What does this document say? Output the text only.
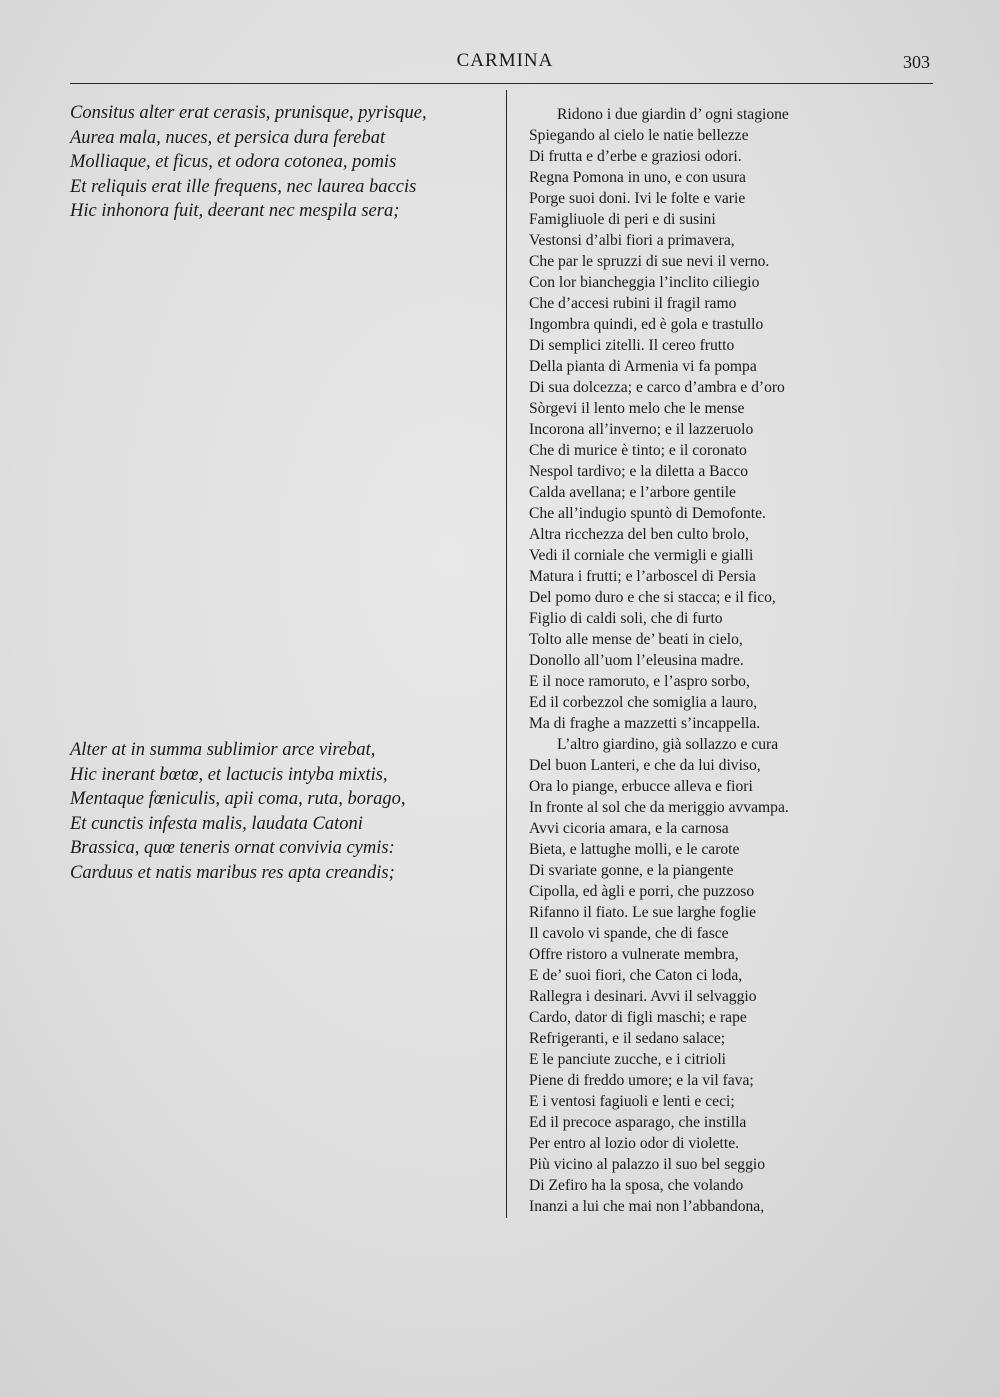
CARMINA	303
Consitus alter erat cerasis, prunisque, pyrisque,
Aurea mala, nuces, et persica dura ferebat
Molliaque, et ficus, et odora cotonea, pomis
Et reliquis erat ille frequens, nec laurea baccis
Hic inhonora fuit, deerant nec mespila sera;
Alter at in summa sublimior arce virebat,
Hic inerant bœtœ, et lactucis intyba mixtis,
Mentaque fœniculis, apii coma, ruta, borago,
Et cunctis infesta malis, laudata Catoni
Brassica, quœ teneris ornat convivia cymis:
Carduus et natis maribus res apta creandis;
Ridono i due giardin d’ ogni stagione
Spiegando al cielo le natie bellezze
Di frutta e d’erbe e graziosi odori.
Regna Pomona in uno, e con usura
Porge suoi doni. Ivi le folte e varie
Famigliuole di peri e di susini
Vestonsi d’albi fiori a primavera,
Che par le spruzzi di sue nevi il verno.
Con lor biancheggia l’inclito ciliegio
Che d’accesi rubini il fragil ramo
Ingombra quindi, ed è gola e trastullo
Di semplici zitelli. Il cereo frutto
Della pianta di Armenia vi fa pompa
Di sua dolcezza; e carco d’ambra e d’oro
Sòrgevi il lento melo che le mense
Incorona all’inverno; e il lazzeruolo
Che di murice è tinto; e il coronato
Nespol tardivo; e la diletta a Bacco
Calda avellana; e l’arbore gentile
Che all’indugio spuntò di Demofonte.
Altra ricchezza del ben culto brolo,
Vedi il corniale che vermigli e gialli
Matura i frutti; e l’arboscel di Persia
Del pomo duro e che si stacca; e il fico,
Figlio di caldi soli, che di furto
Tolto alle mense de’ beati in cielo,
Donollo all’uom l’eleusina madre.
E il noce ramoruto, e l’aspro sorbo,
Ed il corbezzol che somiglia a lauro,
Ma di fraghe a mazzetti s’incappella.
L’altro giardino, già sollazzo e cura
Del buon Lanteri, e che da lui diviso,
Ora lo piange, erbucce alleva e fiori
In fronte al sol che da meriggio avvampa.
Avvi cicoria amara, e la carnosa
Bieta, e lattughe molli, e le carote
Di svariate gonne, e la piangente
Cipolla, ed àgli e porri, che puzzoso
Rifanno il fiato. Le sue larghe foglie
Il cavolo vi spande, che di fasce
Offre ristoro a vulnerate membra,
E de’ suoi fiori, che Caton ci loda,
Rallegra i desinari. Avvi il selvaggio
Cardo, dator di figli maschi; e rape
Refrigeranti, e il sedano salace;
E le panciute zucche, e i citrioli
Piene di freddo umore; e la vil fava;
E i ventosi fagiuoli e lenti e ceci;
Ed il precoce asparago, che instilla
Per entro al lozio odor di violette.
Più vicino al palazzo il suo bel seggio
Di Zefiro ha la sposa, che volando
Inanzi a lui che mai non l’abbandona,
